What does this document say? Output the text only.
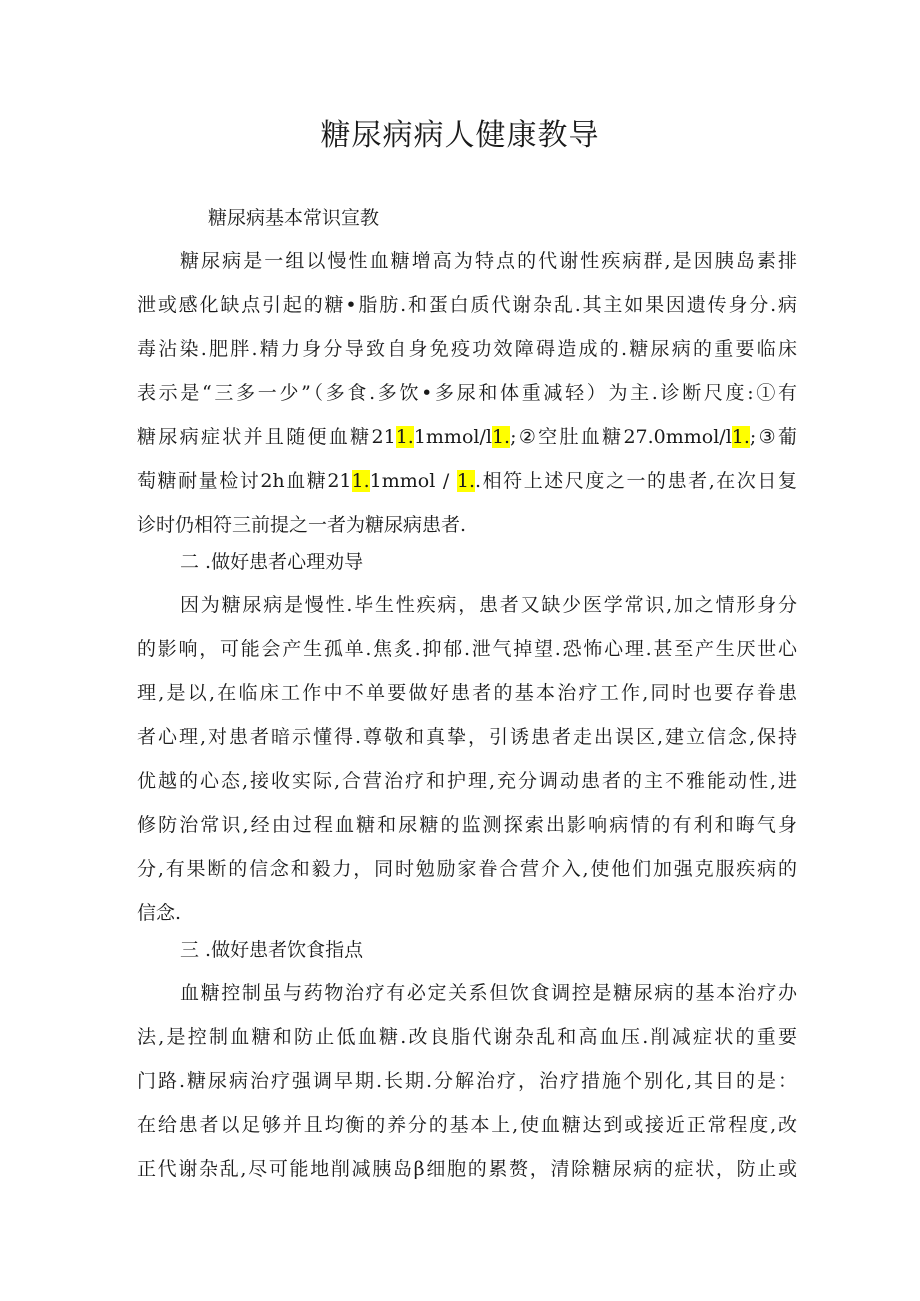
糖尿病病人健康教导
糖尿病基本常识宣教
糖尿病是一组以慢性血糖增高为特点的代谢性疾病群,是因胰岛素排
泄或感化缺点引起的糖•脂肪.和蛋白质代谢杂乱.其主如果因遗传身分.病
毒沾染.肥胖.精力身分导致自身免疫功效障碍造成的.糖尿病的重要临床
表示是“三多一少”（多食.多饮•多尿和体重减轻）为主.诊断尺度:①有
糖尿病症状并且随便血糖211.1mmol/l1.;②空肚血糖27.0mmol/l1.;③葡
萄糖耐量检讨2h血糖211.1mmol / 1..相符上述尺度之一的患者,在次日复
诊时仍相符三前提之一者为糖尿病患者.
二 .做好患者心理劝导
因为糖尿病是慢性.毕生性疾病，患者又缺少医学常识,加之情形身分
的影响，可能会产生孤单.焦炙.抑郁.泄气掉望.恐怖心理.甚至产生厌世心
理,是以,在临床工作中不单要做好患者的基本治疗工作,同时也要存眷患
者心理,对患者暗示懂得.尊敬和真挚，引诱患者走出误区,建立信念,保持
优越的心态,接收实际,合营治疗和护理,充分调动患者的主不雅能动性,进
修防治常识,经由过程血糖和尿糖的监测探索出影响病情的有利和晦气身
分,有果断的信念和毅力，同时勉励家眷合营介入,使他们加强克服疾病的
信念.
三 .做好患者饮食指点
血糖控制虽与药物治疗有必定关系但饮食调控是糖尿病的基本治疗办
法,是控制血糖和防止低血糖.改良脂代谢杂乱和高血压.削减症状的重要
门路.糖尿病治疗强调早期.长期.分解治疗，治疗措施个别化,其目的是：
在给患者以足够并且均衡的养分的基本上,使血糖达到或接近正常程度,改
正代谢杂乱,尽可能地削减胰岛β细胞的累赘，清除糖尿病的症状，防止或
